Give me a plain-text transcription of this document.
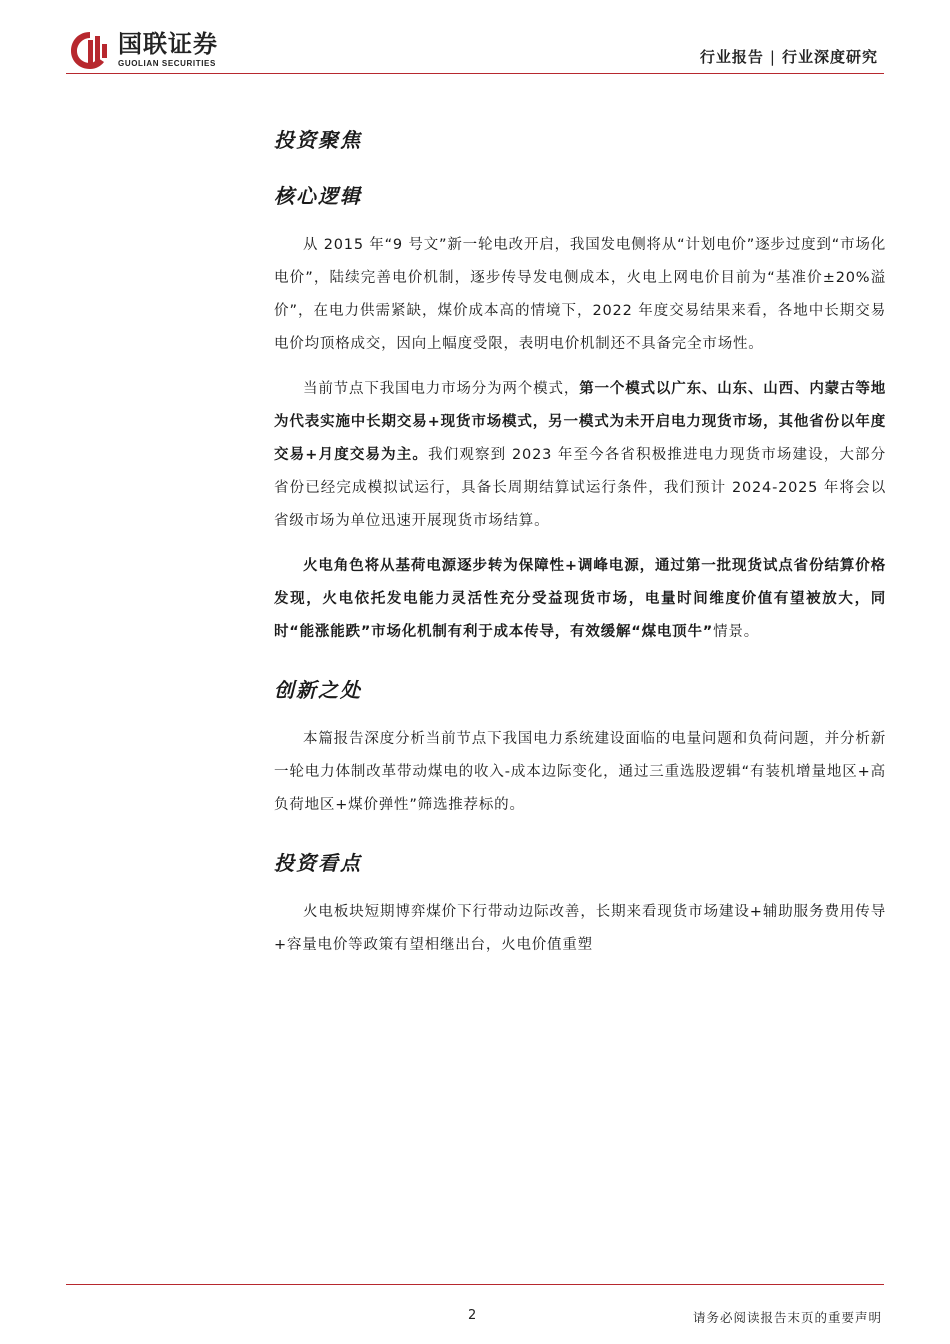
国联证券
GUOLIAN SECURITIES	行业报告 | 行业深度研究
投资聚焦
核心逻辑

从 2015 年“9 号文”新一轮电改开启，我国发电侧将从“计划电价”逐步过度到“市场化电价”，陆续完善电价机制，逐步传导发电侧成本，火电上网电价目前为“基准价±20%溢价”，在电力供需紧缺，煤价成本高的情境下，2022 年度交易结果来看，各地中长期交易电价均顶格成交，因向上幅度受限，表明电价机制还不具备完全市场性。

当前节点下我国电力市场分为两个模式，第一个模式以广东、山东、山西、内蒙古等地为代表实施中长期交易+现货市场模式，另一模式为未开启电力现货市场，其他省份以年度交易+月度交易为主。我们观察到 2023 年至今各省积极推进电力现货市场建设，大部分省份已经完成模拟试运行，具备长周期结算试运行条件，我们预计 2024-2025 年将会以省级市场为单位迅速开展现货市场结算。

火电角色将从基荷电源逐步转为保障性+调峰电源，通过第一批现货试点省份结算价格发现，火电依托发电能力灵活性充分受益现货市场，电量时间维度价值有望被放大，同时“能涨能跌”市场化机制有利于成本传导，有效缓解“煤电顶牛”情景。

创新之处

本篇报告深度分析当前节点下我国电力系统建设面临的电量问题和负荷问题，并分析新一轮电力体制改革带动煤电的收入-成本边际变化，通过三重选股逻辑“有装机增量地区+高负荷地区+煤价弹性”筛选推荐标的。

投资看点

火电板块短期博弈煤价下行带动边际改善，长期来看现货市场建设+辅助服务费用传导+容量电价等政策有望相继出台，火电价值重塑

2	请务必阅读报告末页的重要声明
